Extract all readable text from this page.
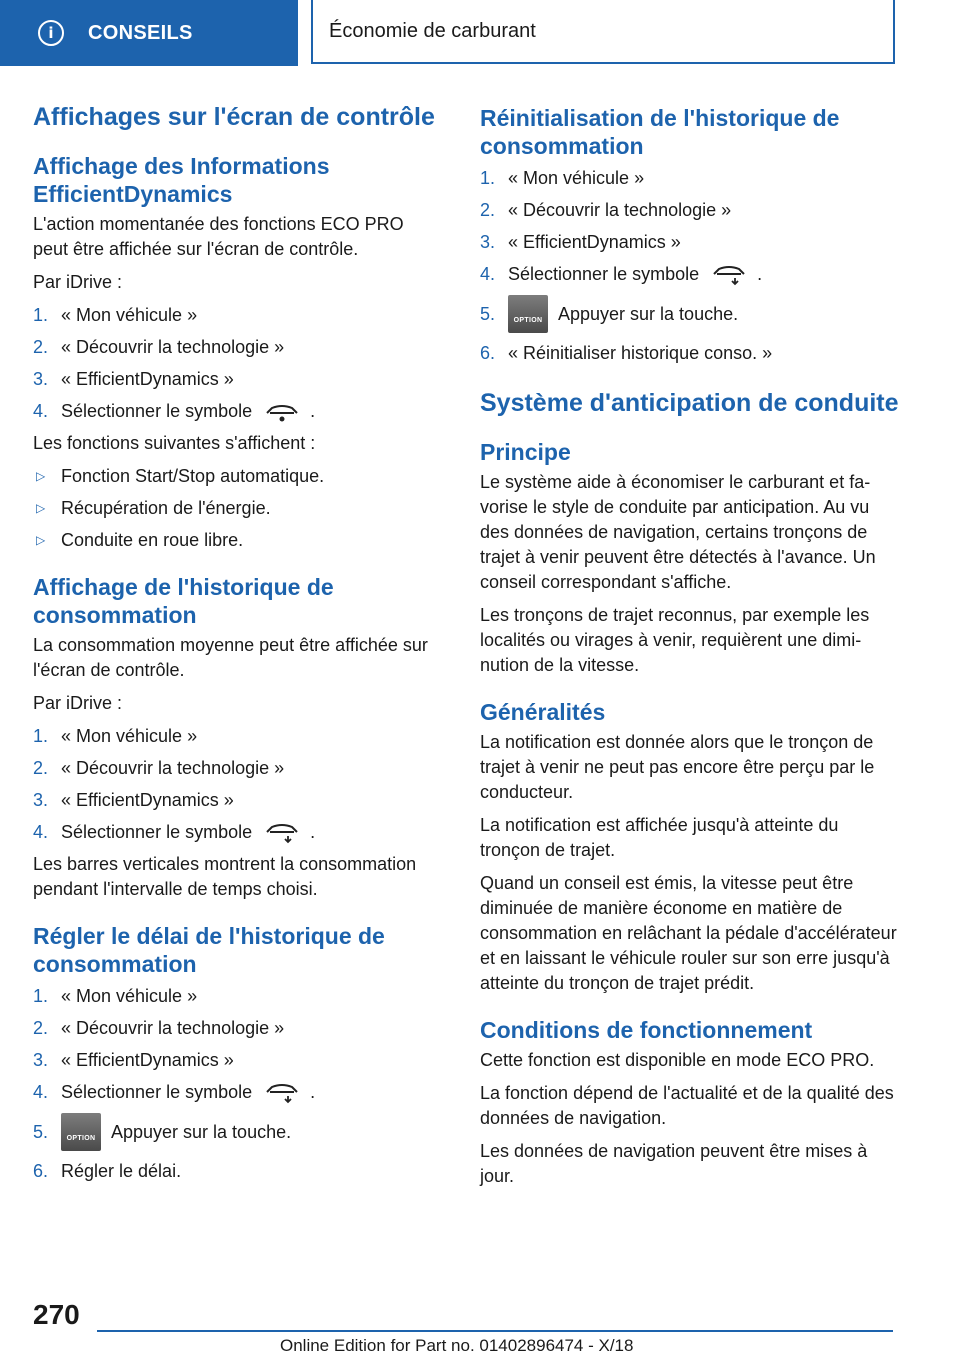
i	CONSEILS	Économie de carburant
Affichages sur l'écran de contrôle
Affichage des Informations EfficientDynamics

L'action momentanée des fonctions ECO PRO peut être affichée sur l'écran de contrôle.

Par iDrive :

1. « Mon véhicule »
2. « Découvrir la technologie »
3. « EfficientDynamics »
4. Sélectionner le symbole	.

Les fonctions suivantes s'affichent :

▷ Fonction Start/Stop automatique.
▷ Récupération de l'énergie.
▷ Conduite en roue libre.
Affichage de l'historique de consommation

La consommation moyenne peut être affichée sur l'écran de contrôle.

Par iDrive :

1. « Mon véhicule »
2. « Découvrir la technologie »
3. « EfficientDynamics »
4. Sélectionner le symbole	.

Les barres verticales montrent la consommation pendant l'intervalle de temps choisi.

Régler le délai de l'historique de consommation
1. « Mon véhicule »
2. « Découvrir la technologie »
3. « EfficientDynamics »
4. Sélectionner le symbole	.
5. OPTION	Appuyer sur la touche.
6. Régler le délai.
Réinitialisation de l'historique de consommation
1. « Mon véhicule »
2. « Découvrir la technologie »
3. « EfficientDynamics »
4. Sélectionner le symbole	.
5. OPTION	Appuyer sur la touche.
6. « Réinitialiser historique conso. »
Système d'anticipation de conduite
Principe

Le système aide à économiser le carburant et favorise le style de conduite par anticipation. Au vu des données de navigation, certains tronçons de trajet à venir peuvent être détectés à l'avance. Un conseil correspondant s'affiche.

Les tronçons de trajet reconnus, par exemple les localités ou virages à venir, requièrent une diminution de la vitesse.

Généralités

La notification est donnée alors que le tronçon de trajet à venir ne peut pas encore être perçu par le conducteur.

La notification est affichée jusqu'à atteinte du tronçon de trajet.

Quand un conseil est émis, la vitesse peut être diminuée de manière économe en matière de consommation en relâchant la pédale d'accélérateur et en laissant le véhicule rouler sur son erre jusqu'à atteinte du tronçon de trajet prédit.

Conditions de fonctionnement

Cette fonction est disponible en mode ECO PRO.

La fonction dépend de l'actualité et de la qualité des données de navigation.

Les données de navigation peuvent être mises à jour.

270
Online Edition for Part no. 01402896474 - X/18
